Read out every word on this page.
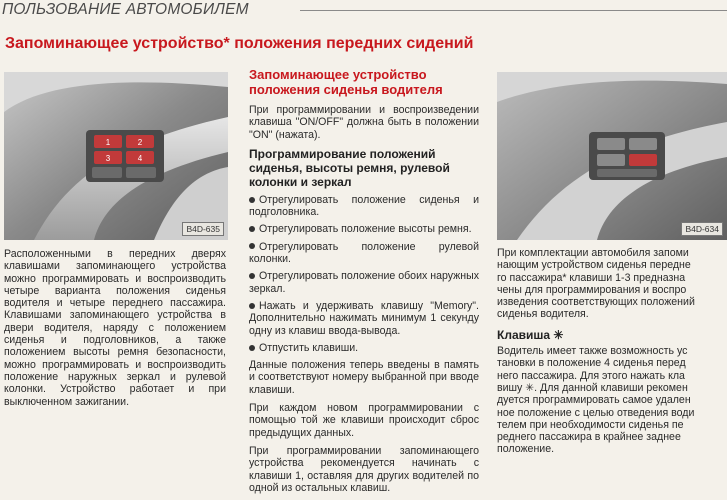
ПОЛЬЗОВАНИЕ АВТОМОБИЛЕМ
Запоминающее устройство* положения передних сидений
1	2
3	4
B4D-635	B4D-634

Расположенными в передних дверях клавишами запоминающего устройства можно программировать и воспроизводить четыре варианта положения сиденья водителя и четыре переднего пассажира. Клавишами запоминающего устройства в двери водителя, наряду с положением сиденья и подголовников, а также положением высоты ремня безопасности, можно программировать и воспроизводить положение наружных зеркал и рулевой колонки. Устройство работает и при выключенном зажигании.

Запоминающее устройство положения сиденья водителя

При программировании и воспроизведении клавиша "ON/OFF" должна быть в положении "ON" (нажата).

Программирование положений сиденья, высоты ремня, рулевой колонки и зеркал

Отрегулировать положение сиденья и подголовника.

Отрегулировать положение высоты ремня.

Отрегулировать положение рулевой колонки.

Отрегулировать положение обоих наружных зеркал.

Нажать и удерживать клавишу "Memory". Дополнительно нажимать минимум 1 секунду одну из клавиш ввода-вывода.

Отпустить клавиши.

Данные положения теперь введены в память и соответствуют номеру выбранной при вводе клавиши.

При каждом новом программировании с помощью той же клавиши происходит сброс предыдущих данных.

При программировании запоминающего устройства рекомендуется начинать с клавиши 1, оставляя для других водителей по одной из остальных клавиш.

При комплектации автомобиля запоми
нающим устройством сиденья передне
го пассажира* клавиши 1-3 предназна
чены для программирования и воспро
изведения соответствующих положений
сиденья водителя.
Клавиша ✳
Водитель имеет также возможность ус
тановки в положение 4 сиденья перед
него пассажира. Для этого нажать кла
вишу ✳. Для данной клавиши рекомен
дуется программировать самое удален
ное положение с целью отведения води
телем при необходимости сиденья пе
реднего пассажира в крайнее заднее
положение.
